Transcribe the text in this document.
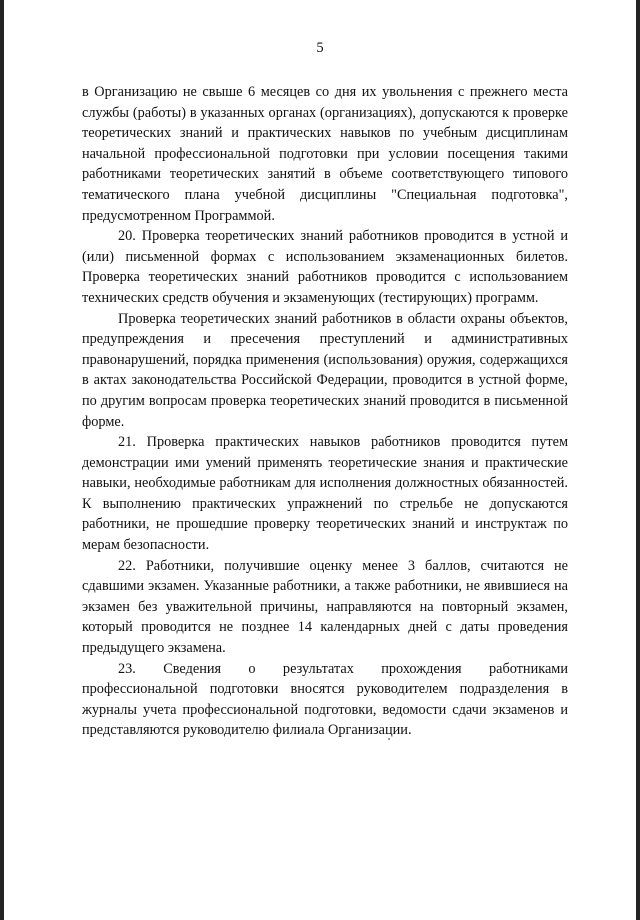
5

в Организацию не свыше 6 месяцев со дня их увольнения с прежнего места службы (работы) в указанных органах (организациях), допускаются к проверке теоретических знаний и практических навыков по учебным дисциплинам начальной профессиональной подготовки при условии посещения такими работниками теоретических занятий в объеме соответствующего типового тематического плана учебной дисциплины "Специальная подготовка", предусмотренном Программой.

20. Проверка теоретических знаний работников проводится в устной и (или) письменной формах с использованием экзаменационных билетов. Проверка теоретических знаний работников проводится с использованием технических средств обучения и экзаменующих (тестирующих) программ.

Проверка теоретических знаний работников в области охраны объектов, предупреждения и пресечения преступлений и административных правонарушений, порядка применения (использования) оружия, содержащихся в актах законодательства Российской Федерации, проводится в устной форме, по другим вопросам проверка теоретических знаний проводится в письменной форме.

21. Проверка практических навыков работников проводится путем демонстрации ими умений применять теоретические знания и практические навыки, необходимые работникам для исполнения должностных обязанностей. К выполнению практических упражнений по стрельбе не допускаются работники, не прошедшие проверку теоретических знаний и инструктаж по мерам безопасности.

22. Работники, получившие оценку менее 3 баллов, считаются не сдавшими экзамен. Указанные работники, а также работники, не явившиеся на экзамен без уважительной причины, направляются на повторный экзамен, который проводится не позднее 14 календарных дней с даты проведения предыдущего экзамена.

23. Сведения о результатах прохождения работниками профессиональной подготовки вносятся руководителем подразделения в журналы учета профессиональной подготовки, ведомости сдачи экзаменов и представляются руководителю филиала Организации.
